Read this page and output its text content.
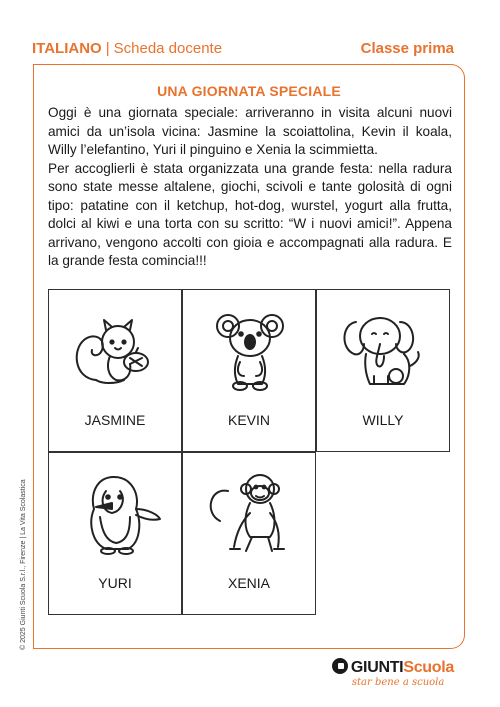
ITALIANO | Scheda docente	Classe prima
UNA GIORNATA SPECIALE

Oggi è una giornata speciale: arriveranno in visita alcuni nuovi amici da un’isola vicina: Jasmine la scoiattolina, Kevin il koala, Willy l’elefantino, Yuri il pinguino e Xenia la scimmietta.

Per accoglierli è stata organizzata una grande festa: nella radura sono state messe altalene, giochi, scivoli e tante golosità di ogni tipo: patatine con il ketchup, hot-dog, wurstel, yogurt alla frutta, dolci al kiwi e una torta con su scritto: “W i nuovi amici!”. Appena arrivano, vengono accolti con gioia e accompagnati alla radura. E la grande festa comincia!!!

JASMINE	KEVIN	WILLY
YURI	XENIA
© 2025 Giunti Scuola S.r.l., Firenze | La Vita Scolastica
GIUNTIScuola
star bene a scuola
